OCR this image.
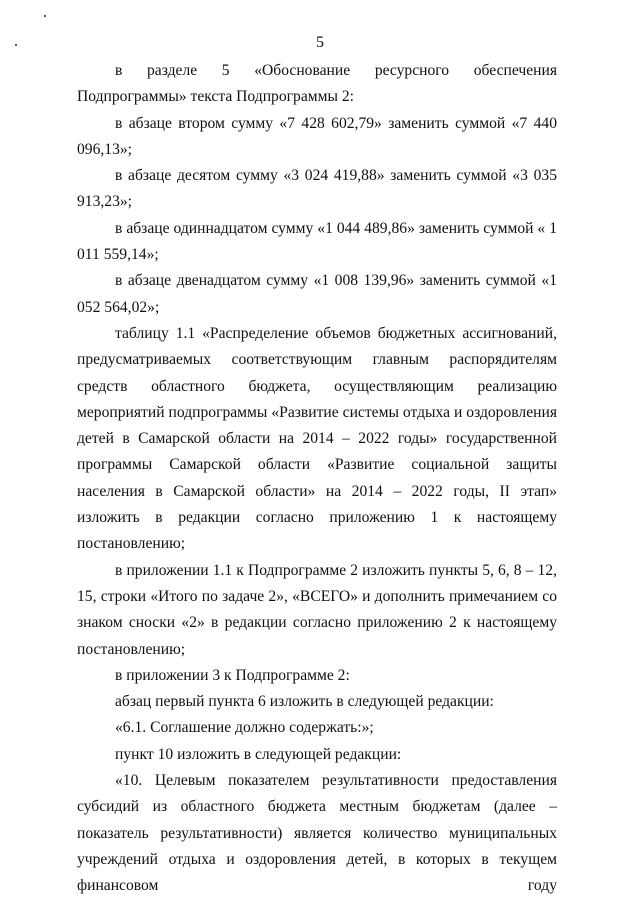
5

в разделе 5 «Обоснование ресурсного обеспечения Подпрограммы» текста Подпрограммы 2:

в абзаце втором сумму «7 428 602,79» заменить суммой «7 440 096,13»;

в абзаце десятом сумму «3 024 419,88» заменить суммой «3 035 913,23»;

в абзаце одиннадцатом сумму «1 044 489,86» заменить суммой « 1 011 559,14»;

в абзаце двенадцатом сумму «1 008 139,96» заменить суммой «1 052 564,02»;

таблицу 1.1 «Распределение объемов бюджетных ассигнований, предусматриваемых соответствующим главным распорядителям средств областного бюджета, осуществляющим реализацию мероприятий подпрограммы «Развитие системы отдыха и оздоровления детей в Самарской области на 2014 – 2022 годы» государственной программы Самарской области «Развитие социальной защиты населения в Самарской области» на 2014 – 2022 годы, II этап» изложить в редакции согласно приложению 1 к настоящему постановлению;

в приложении 1.1 к Подпрограмме 2 изложить пункты 5, 6, 8 – 12, 15, строки «Итого по задаче 2», «ВСЕГО» и дополнить примечанием со знаком сноски «2» в редакции согласно приложению 2 к настоящему постановлению;

в приложении 3 к Подпрограмме 2:

абзац первый пункта 6 изложить в следующей редакции:

«6.1. Соглашение должно содержать:»;

пункт 10 изложить в следующей редакции:

«10. Целевым показателем результативности предоставления субсидий из областного бюджета местным бюджетам (далее – показатель результативности) является количество муниципальных учреждений отдыха и оздоровления детей, в которых в текущем финансовом году
